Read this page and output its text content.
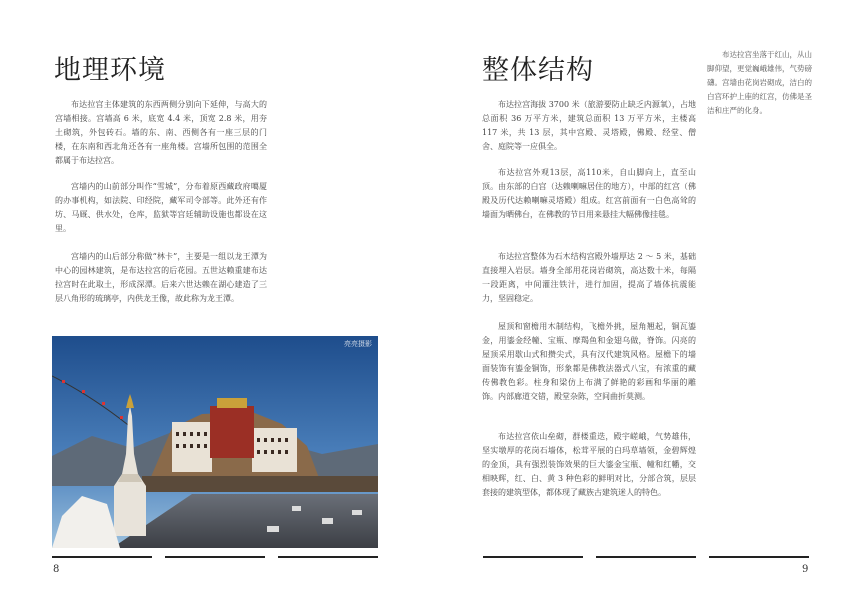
地理环境

布达拉宫主体建筑的东西两侧分别向下延伸，与高大的宫墙相接。宫墙高 6 米，底宽 4.4 米，顶宽 2.8 米，用夯土砌筑，外包砖石。墙的东、南、西侧各有一座三层的门楼，在东南和西北角还各有一座角楼。宫墙所包围的范围全都属于布达拉宫。

宫墙内的山前部分叫作“雪城”，分布着原西藏政府噶厦的办事机构，如法院、印经院，藏军司令部等。此外还有作坊、马厩、供水处，仓库，监狱等宫廷辅助设施也都设在这里。

宫墙内的山后部分称做“林卡”，主要是一组以龙王潭为中心的园林建筑，是布达拉宫的后花园。五世达赖重建布达拉宫时在此取土，形成深潭。后来六世达赖在湖心建造了三层八角形的琉璃亭，内供龙王像，故此称为龙王潭。

亮亮摄影
8
整体结构

布达拉宫坐落于红山，从山脚仰望，更觉巍峨雄伟，气势磅礴。宫墙由花岗岩砌成，洁白的白宫环护上座的红宫，仿佛是圣洁和庄严的化身。

布达拉宫海拔 3700 米（旅游要防止缺乏内源氧），占地总面积 36 万平方米，建筑总面积 13 万平方米，主楼高 117 米，共 13 层，其中宫殿、灵塔殿，佛殿、经堂、僧舍、庭院等一应俱全。

布达拉宫外观13层，高110米，自山脚向上，直至山顶。由东部的白宫（达赖喇嘛居住的地方），中部的红宫（佛殿及历代达赖喇嘛灵塔殿）组成。红宫前面有一白色高耸的墙面为晒佛台，在佛教的节日用来悬挂大幅佛像挂毯。

布达拉宫整体为石木结构宫殿外墙厚达 2 ～ 5 米，基础直接埋入岩层。墙身全部用花岗岩砌筑，高达数十米，每隔一段距离，中间灌注铁汁，进行加固，提高了墙体抗震能力，坚固稳定。

屋顶和窗檐用木制结构，飞檐外挑，屋角翘起，铜瓦鎏金，用鎏金经幢、宝瓶、摩羯鱼和金翅乌做，脊饰。闪亮的屋顶采用歇山式和攒尖式，具有汉代建筑风格。屋檐下的墙面装饰有鎏金铜饰，形象都是佛教法器式八宝，有浓重的藏传佛教色彩。柱身和梁仿上布满了鲜艳的彩画和华丽的雕饰。内部廊道交错，殿堂杂陈，空间曲折莫测。

布达拉宫依山垒砌，群楼重迭，殿宇嵯峨，气势雄伟，坚实墩厚的花岗石墙体，松茸平展的白玛草墙领，金碧辉煌的金顶，具有强烈装饰效果的巨大鎏金宝瓶、幢和红幡，交相映辉，红、白、黄 3 种色彩的鲜明对比，分部合筑，层层套接的建筑型体，都体现了藏族古建筑迷人的特色。

9
